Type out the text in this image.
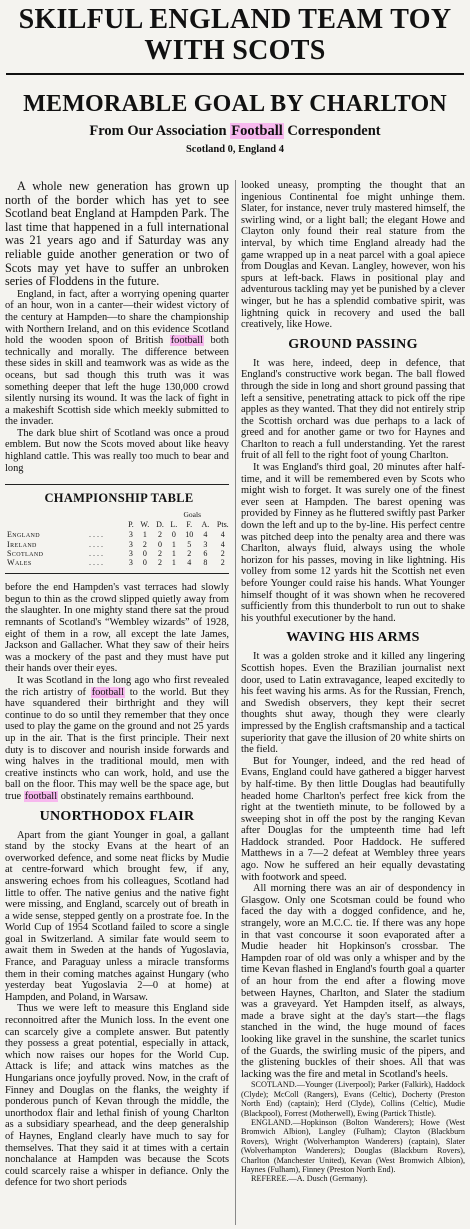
SKILFUL ENGLAND TEAM TOY
WITH SCOTS
MEMORABLE GOAL BY CHARLTON
From Our Association Football Correspondent
Scotland 0, England 4

A whole new generation has grown up north of the border which has yet to see Scotland beat England at Hampden Park. The last time that happened in a full international was 21 years ago and if Saturday was any reliable guide another generation or two of Scots may yet have to suffer an unbroken series of Floddens in the future.

England, in fact, after a worrying opening quarter of an hour, won in a canter—their widest victory of the century at Hampden—to share the championship with Northern Ireland, and on this evidence Scotland hold the wooden spoon of British football both technically and morally. The difference between these sides in skill and teamwork was as wide as the oceans, but sad though this truth was it was something deeper that left the huge 130,000 crowd silently nursing its wound. It was the lack of fight in a makeshift Scottish side which meekly submitted to the invader.

The dark blue shirt of Scotland was once a proud emblem. But now the Scots moved about like heavy highland cattle. This was really too much to bear and long

CHAMPIONSHIP TABLE
Goals
		P.	W.	D.	L.	F.	A.	Pts.
England	. . . .	3	1	2	0	10	4	4
Ireland	. . . .	3	2	0	1	5	3	4
Scotland	. . . .	3	0	2	1	2	6	2
Wales	. . . .	3	0	2	1	4	8	2

before the end Hampden's vast terraces had slowly begun to thin as the crowd slipped quietly away from the slaughter. In one mighty stand there sat the proud remnants of Scotland's “Wembley wizards” of 1928, eight of them in a row, all except the late James, Jackson and Gallacher. What they saw of their heirs was a mockery of the past and they must have put their hands over their eyes.

It was Scotland in the long ago who first revealed the rich artistry of football to the world. But they have squandered their birthright and they will continue to do so until they remember that they once used to play the game on the ground and not 25 yards up in the air. That is the first principle. Their next duty is to discover and nourish inside forwards and wing halves in the traditional mould, men with creative instincts who can work, hold, and use the ball on the floor. This may well be the space age, but true football obstinately remains earthbound.

UNORTHODOX FLAIR

Apart from the giant Younger in goal, a gallant stand by the stocky Evans at the heart of an overworked defence, and some neat flicks by Mudie at centre-forward which brought few, if any, answering echoes from his colleagues, Scotland had little to offer. The native genius and the native fight were missing, and England, scarcely out of breath in a wide sense, stepped gently on a prostrate foe. In the World Cup of 1954 Scotland failed to score a single goal in Switzerland. A similar fate would seem to await them in Sweden at the hands of Yugoslavia, France, and Paraguay unless a miracle transforms them in their coming matches against Hungary (who yesterday beat Yugoslavia 2—0 at home) at Hampden, and Poland, in Warsaw.

Thus we were left to measure this England side reconnoitred after the Munich loss. In the event one can scarcely give a complete answer. But patently they possess a great potential, especially in attack, which now raises our hopes for the World Cup. Attack is life; and attack wins matches as the Hungarians once joyfully proved. Now, in the craft of Finney and Douglas on the flanks, the weighty if ponderous punch of Kevan through the middle, the unorthodox flair and lethal finish of young Charlton as a subsidiary spearhead, and the deep generalship of Haynes, England clearly have much to say for themselves. That they said it at times with a certain nonchalance at Hampden was because the Scots could scarcely raise a whisper in defiance. Only the defence for two short periods

looked uneasy, prompting the thought that an ingenious Continental foe might unhinge them. Slater, for instance, never truly mastered himself, the swirling wind, or a light ball; the elegant Howe and Clayton only found their real stature from the interval, by which time England already had the game wrapped up in a neat parcel with a goal apiece from Douglas and Kevan. Langley, however, won his spurs at left-back. Flaws in positional play and adventurous tackling may yet be punished by a clever winger, but he has a splendid combative spirit, was lightning quick in recovery and used the ball creatively, like Howe.

GROUND PASSING

It was here, indeed, deep in defence, that England's constructive work began. The ball flowed through the side in long and short ground passing that left a sensitive, penetrating attack to pick off the ripe apples as they wanted. That they did not entirely strip the Scottish orchard was due perhaps to a lack of greed and for another game or two for Haynes and Charlton to reach a full understanding. Yet the rarest fruit of all fell to the right foot of young Charlton.

It was England's third goal, 20 minutes after half-time, and it will be remembered even by Scots who might wish to forget. It was surely one of the finest ever seen at Hampden. The barest opening was provided by Finney as he fluttered swiftly past Parker down the left and up to the by-line. His perfect centre was pitched deep into the penalty area and there was Charlton, always fluid, always using the whole horizon for his passes, moving in like lightning. His volley from some 12 yards hit the Scottish net even before Younger could raise his hands. What Younger himself thought of it was shown when he recovered sufficiently from this thunderbolt to run out to shake his youthful executioner by the hand.

WAVING HIS ARMS

It was a golden stroke and it killed any lingering Scottish hopes. Even the Brazilian journalist next door, used to Latin extravagance, leaped excitedly to his feet waving his arms. As for the Russian, French, and Swedish observers, they kept their secret thoughts shut away, though they were clearly impressed by the English craftsmanship and a tactical superiority that gave the illusion of 20 white shirts on the field.

But for Younger, indeed, and the red head of Evans, England could have gathered a bigger harvest by half-time. By then little Douglas had beautifully headed home Charlton's perfect free kick from the right at the twentieth minute, to be followed by a sweeping shot in off the post by the ranging Kevan after Douglas for the umpteenth time had left Haddock stranded. Poor Haddock. He suffered Matthews in a 7—2 defeat at Wembley three years ago. Now he suffered an heir equally devastating with footwork and speed.

All morning there was an air of despondency in Glasgow. Only one Scotsman could be found who faced the day with a dogged confidence, and he, strangely, wore an M.C.C. tie. If there was any hope in that vast concourse it soon evaporated after a Mudie header hit Hopkinson's crossbar. The Hampden roar of old was only a whisper and by the time Kevan flashed in England's fourth goal a quarter of an hour from the end after a flowing move between Haynes, Charlton, and Slater the stadium was a graveyard. Yet Hampden itself, as always, made a brave sight at the day's start—the flags stanched in the wind, the huge mound of faces looking like gravel in the sunshine, the scarlet tunics of the Guards, the swirling music of the pipers, and the glistening buckles of their shoes. All that was lacking was the fire and metal in Scotland's heels.

SCOTLAND.—Younger (Liverpool); Parker (Falkirk), Haddock (Clyde); McColl (Rangers), Evans (Celtic), Docherty (Preston North End) (captain); Herd (Clyde), Collins (Celtic), Mudie (Blackpool), Forrest (Motherwell), Ewing (Partick Thistle).

ENGLAND.—Hopkinson (Bolton Wanderers); Howe (West Bromwich Albion), Langley (Fulham); Clayton (Blackburn Rovers), Wright (Wolverhampton Wanderers) (captain), Slater (Wolverhampton Wanderers); Douglas (Blackburn Rovers), Charlton (Manchester United), Kevan (West Bromwich Albion), Haynes (Fulham), Finney (Preston North End).

REFEREE.—A. Dusch (Germany).
